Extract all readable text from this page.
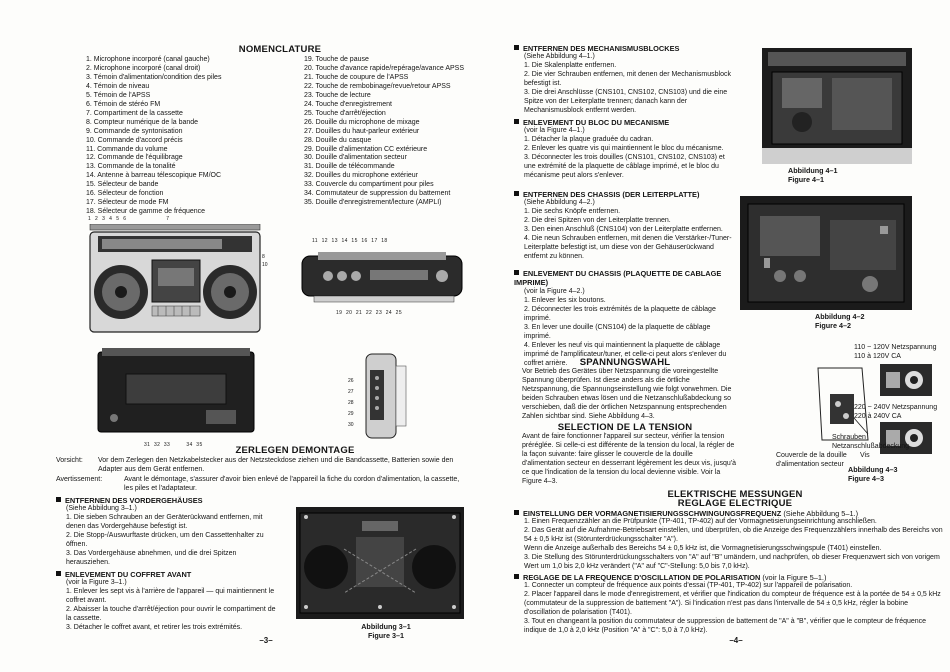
NOMENCLATURE
1. Microphone incorporé (canal gauche)
2. Microphone incorporé (canal droit)
3. Témoin d'alimentation/condition des piles
4. Témoin de niveau
5. Témoin de l'APSS
6. Témoin de stéréo FM
7. Compartiment de la cassette
8. Compteur numérique de la bande
9. Commande de syntonisation
10. Commande d'accord précis
11. Commande du volume
12. Commande de l'équilibrage
13. Commande de la tonalité
14. Antenne à barreau télescopique FM/OC
15. Sélecteur de bande
16. Sélecteur de fonction
17. Sélecteur de mode FM
18. Sélecteur de gamme de fréquence
19. Touche de pause
20. Touche d'avance rapide/repérage/avance APSS
21. Touche de coupure de l'APSS
22. Touche de rembobinage/revue/retour APSS
23. Touche de lecture
24. Touche d'enregistrement
25. Touche d'arrêt/éjection
26. Douille du microphone de mixage
27. Douilles du haut-parleur extérieur
28. Douille du casque
29. Douille d'alimentation CC extérieure
30. Douille d'alimentation secteur
31. Douille de télécommande
32. Douilles du microphone extérieur
33. Couvercle du compartiment pour piles
34. Commutateur de suppression du battement
35. Douille d'enregistrement/lecture (AMPLI)
1  2  3  4  5  6                     7
8
10
11  12  13  14  15  16  17  18
19  20  21  22  23  24  25
31  32  33         34  35
26
27
28
29
30
ZERLEGEN DEMONTAGE
Vorsicht:	Vor dem Zerlegen den Netzkabelstecker aus der Netzsteckdose ziehen und die Bandcassette, Batterien sowie den Adapter aus dem Gerät entfernen.
Avertissement:	Avant le démontage, s'assurer d'avoir bien enlevé de l'appareil la fiche du cordon d'alimentation, la cassette, les piles et l'adaptateur.
ENTFERNEN DES VORDERGEHÄUSES
(Siehe Abbildung 3–1.)
1. Die sieben Schrauben an der Geräterückwand entfernen, mit denen das Vordergehäuse befestigt ist.
2. Die Stopp-/Auswurftaste drücken, um den Cassettenhalter zu öffnen.
3. Das Vordergehäuse abnehmen, und die drei Spitzen herausziehen.
ENLEVEMENT DU COFFRET AVANT
(voir la Figure 3–1.)
1. Enlever les sept vis à l'arrière de l'appareil — qui maintiennent le coffret avant.
2. Abaisser la touche d'arrêt/éjection pour ouvrir le compartiment de la cassette.
3. Détacher le coffret avant, et retirer les trois extrémités.	Abbildung 3–1
Figure 3–1
–3–
ENTFERNEN DES MECHANISMUSBLOCKES
(Siehe Abbildung 4–1.)
1. Die Skalenplatte entfernen.
2. Die vier Schrauben entfernen, mit denen der Mechanismusblock befestigt ist.
3. Die drei Anschlüsse (CNS101, CNS102, CNS103) und die eine Spitze von der Leiterplatte trennen; danach kann der Mechanismusblock entfernt werden.
ENLEVEMENT DU BLOC DU MECANISME
(voir la Figure 4–1.)
1. Détacher la plaque graduée du cadran.
2. Enlever les quatre vis qui maintiennent le bloc du mécanisme.
3. Déconnecter les trois douilles (CNS101, CNS102, CNS103) et une extrémité de la plaquette de câblage imprimé, et le bloc du mécanisme peut alors s'enlever.
ENTFERNEN DES CHASSIS (DER LEITERPLATTE)
(Siehe Abbildung 4–2.)
1. Die sechs Knöpfe entfernen.
2. Die drei Spitzen von der Leiterplatte trennen.
3. Den einen Anschluß (CNS104) von der Leiterplatte entfernen.
4. Die neun Schrauben entfernen, mit denen die Verstärker-/Tuner-Leiterplatte befestigt ist, um diese von der Gehäuserückwand entfernt zu können.
ENLEVEMENT DU CHASSIS (PLAQUETTE DE CABLAGE IMPRIME)
(voir la Figure 4–2.)
1. Enlever les six boutons.
2. Déconnecter les trois extrémités de la plaquette de câblage imprimé.
3. En lever une douille (CNS104) de la plaquette de câblage imprimé.
4. Enlever les neuf vis qui maintiennent la plaquette de câblage imprimé de l'amplificateur/tuner, et celle-ci peut alors s'enlever du coffret arrière.	SPANNUNGSWAHL

Vor Betrieb des Gerätes über Netzspannung die voreingestellte Spannung überprüfen. Ist diese anders als die örtliche Netzspannung, die Spannungseinstellung wie folgt vorwehmen. Die beiden Schrauben etwas lösen und die Netzanschlußabdeckung so verschieben, daß die der örtlichen Netzspannung entsprechenden Zahlen sichtbar sind. Siehe Abbildung 4–3.

SELECTION DE LA TENSION

Avant de faire fonctionner l'appareil sur secteur, vérifier la tension préréglée. Si celle-ci est différente de la tension du local, la régler de la façon suivante: faire glisser le couvercle de la douille d'alimentation secteur en desserrant légèrement les deux vis, jusqu'à ce que l'indication de la tension du local devienne visible. Voir la Figure 4–3.

Abbildung 4–1
Figure 4–1
Abbildung 4–2
Figure 4–2
110 ~ 120V Netzspannung
110 à 120V CA
220 ~ 240V Netzspannung
220 à 240V CA
Schrauben
Netzanschlußabdeckung
Couvercle de la douille Vis
d'alimentation secteur
Abbildung 4–3
Figure 4–3
ELEKTRISCHE MESSUNGEN
REGLAGE ELECTRIQUE
EINSTELLUNG DER VORMAGNETISIERUNGSSCHWINGUNGSFREQUENZ (Siehe Abbildung 5–1.)
1. Einen Frequenzzähler an die Prüfpunkte (TP-401, TP-402) auf der Vormagnetisierungseinrichtung anschließen.
2. Das Gerät auf die Aufnahme-Betriebsart einstellen, und überprüfen, ob die Anzeige des Frequenzzählers innerhalb des Bereichs von 54 ± 0,5 kHz ist (Störunterdrückungsschalter "A").
Wenn die Anzeige außerhalb des Bereichs 54 ± 0,5 kHz ist, die Vormagnetisierungsschwingspule (T401) einstellen.
3. Die Stellung des Störunterdrückungsschalters von "A" auf "B" umändern, und nachprüfen, ob dieser Frequenzwert sich von vorigem Wert um 1,0 bis 2,0 kHz verändert ("A" auf "C"-Stellung: 5,0 bis 7,0 kHz).
REGLAGE DE LA FREQUENCE D'OSCILLATION DE POLARISATION (voir la Figure 5–1.)
1. Connecter un compteur de fréquence aux points d'essai (TP-401, TP-402) sur l'appareil de polarisation.
2. Placer l'appareil dans le mode d'enregistrement, et vérifier que l'indication du compteur de fréquence est à la portée de 54 ± 0,5 kHz (commutateur de la suppression de battement "A"). Si l'indication n'est pas dans l'intervalle de 54 ± 0,5 kHz, régler la bobine d'oscillation de polarisation (T401).
3. Tout en changeant la position du commutateur de suppression de battement de "A" à "B", vérifier que le compteur de fréquence indique de 1,0 à 2,0 kHz (Position "A" à "C": 5,0 à 7,0 kHz).
–4–
